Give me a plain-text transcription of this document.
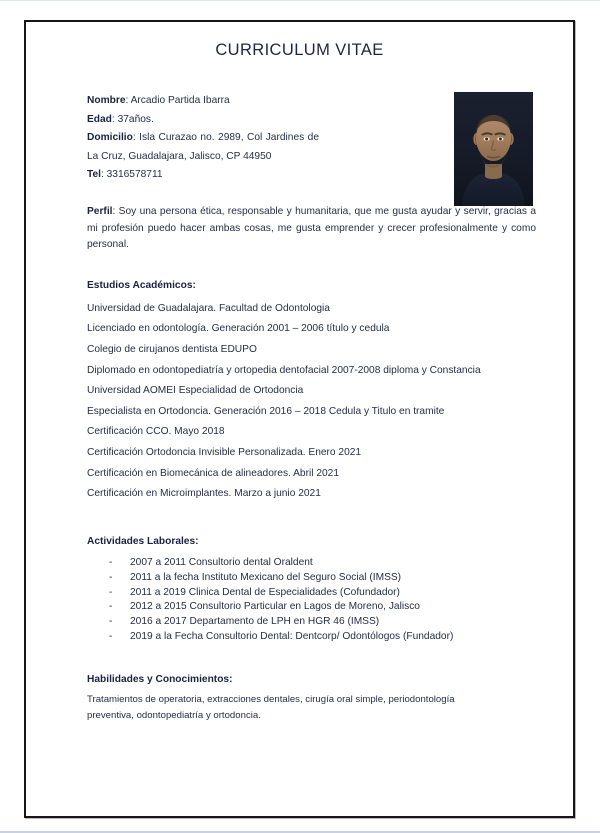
CURRICULUM VITAE

Nombre: Arcadio Partida Ibarra

Edad: 37años.

Domicilio: Isla Curazao no. 2989, Col Jardines de La Cruz, Guadalajara, Jalisco, CP 44950

Tel: 3316578711

Perfil: Soy una persona ética, responsable y humanitaria, que me gusta ayudar y servir, gracias a mi profesión puedo hacer ambas cosas, me gusta emprender y crecer profesionalmente y como personal.

Estudios Académicos:

Universidad de Guadalajara. Facultad de Odontologia
Licenciado en odontología. Generación 2001 – 2006 título y cedula
Colegio de cirujanos dentista EDUPO
Diplomado en odontopediatría y ortopedia dentofacial 2007-2008 diploma y Constancia
Universidad AOMEI Especialidad de Ortodoncia
Especialista en Ortodoncia. Generación 2016 – 2018 Cedula y Titulo en tramite
Certificación CCO. Mayo 2018
Certificación Ortodoncia Invisible Personalizada. Enero 2021
Certificación en Biomecánica de alineadores. Abril 2021
Certificación en Microimplantes. Marzo a junio 2021

Actividades Laborales:

- 2007 a 2011 Consultorio dental Oraldent
- 2011 a la fecha Instituto Mexicano del Seguro Social (IMSS)
- 2011 a 2019 Clinica Dental de Especialidades (Cofundador)
- 2012 a 2015 Consultorio Particular en Lagos de Moreno, Jalisco
- 2016 a 2017 Departamento de LPH en HGR 46 (IMSS)
- 2019 a la Fecha Consultorio Dental: Dentcorp/ Odontólogos (Fundador)

Habilidades y Conocimientos:

Tratamientos de operatoria, extracciones dentales, cirugía oral simple, periodontología preventiva, odontopediatría y ortodoncia.
